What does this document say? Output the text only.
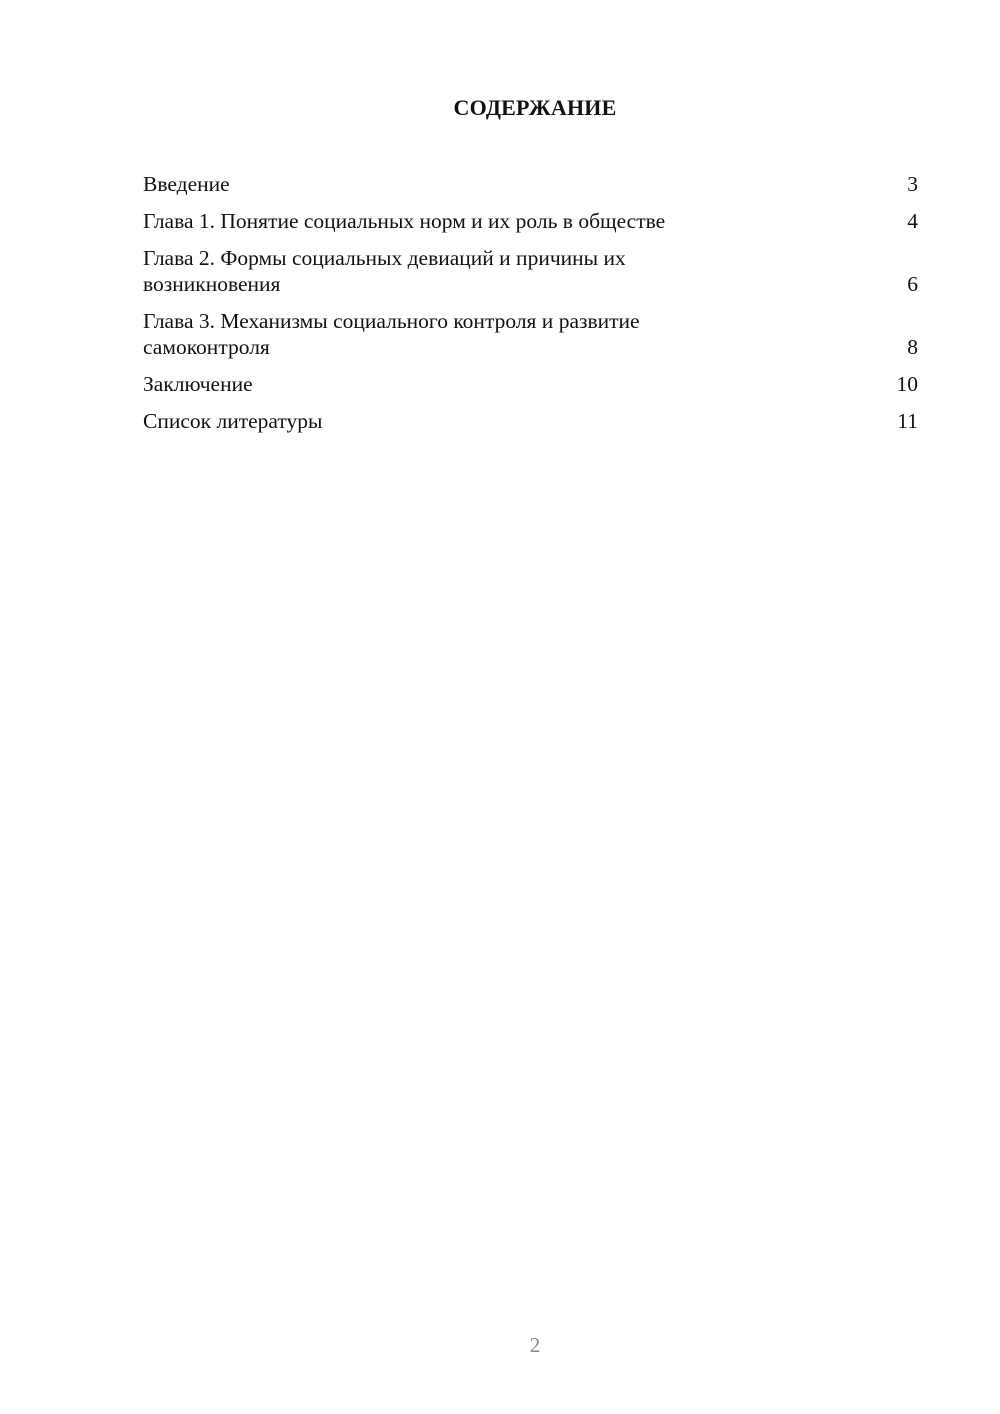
СОДЕРЖАНИЕ
Введение	3
Глава 1. Понятие социальных норм и их роль в обществе	4
Глава 2. Формы социальных девиаций и причины их возникновения	6
Глава 3. Механизмы социального контроля и развитие самоконтроля	8
Заключение	10
Список литературы	11
2
